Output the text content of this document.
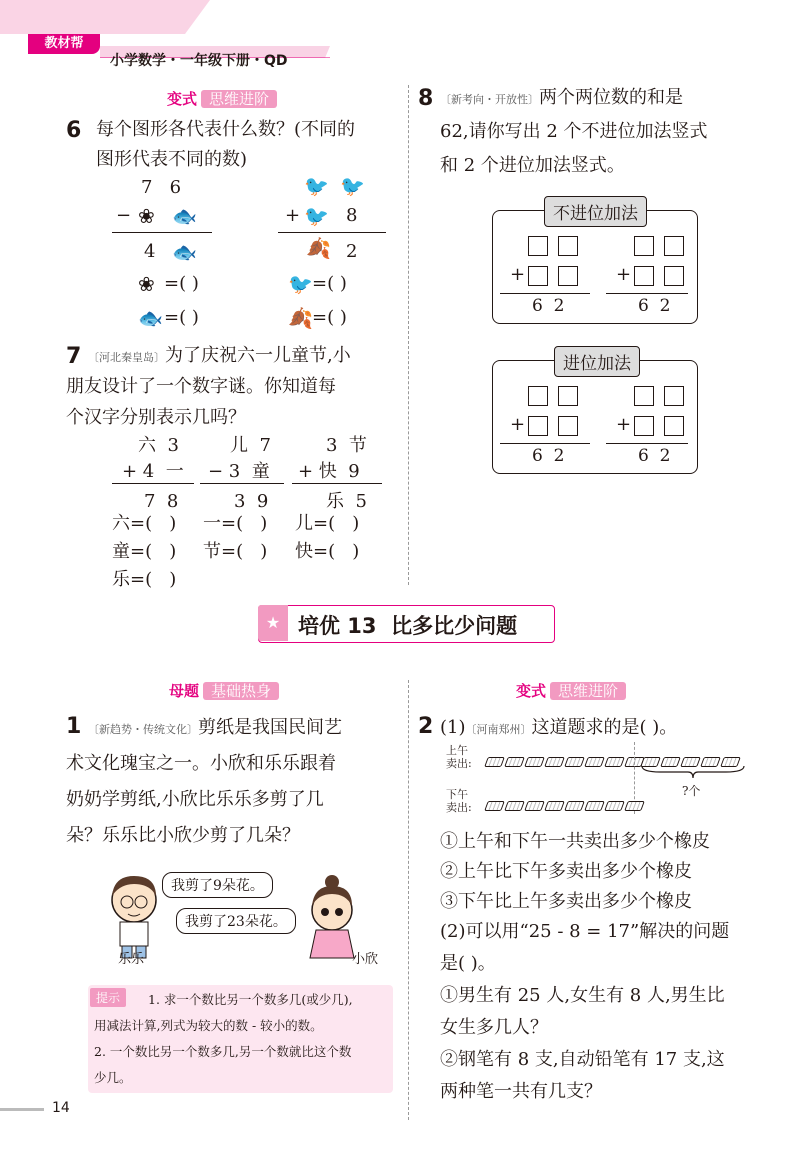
教材帮
小学数学・一年级下册・QD
变式 思维进阶
6 每个图形各代表什么数？(不同的
图形代表不同的数)
7   6
− ❀ 🐟
4 🐟
❀ =( )
🐟 =( )
🐦 🐦
+ 🐦 8
🍂 2
🐦 =( )
🍂 =( )
7 〔河北秦皇岛〕为了庆祝六一儿童节,小
朋友设计了一个数字谜。你知道每
个汉字分别表示几吗？
六  3
+ 4  一
7  8
儿  7
− 3  童
3  9
3  节
+ 快  9
乐  5
六=(   ) 一=(   ) 儿=(   )
童=(   ) 节=(   ) 快=(   )
乐=(   )
8 〔新考向・开放性〕两个两位数的和是
62,请你写出 2 个不进位加法竖式
和 2 个进位加法竖式。
不进位加法
+
6  2
+
6  2
进位加法
+
6  2
+
6  2
★ 培优 13  比多比少问题
母题 基础热身
1 〔新趋势・传统文化〕剪纸是我国民间艺
术文化瑰宝之一。小欣和乐乐跟着
奶奶学剪纸,小欣比乐乐多剪了几
朵？乐乐比小欣少剪了几朵？
我剪了9朵花。
我剪了23朵花。
乐乐	小欣
提示	1. 求一个数比另一个数多几(或少几),
用减法计算,列式为较大的数 - 较小的数。
2. 一个数比另一个数多几,另一个数就比这个数
少几。
变式 思维进阶
2 (1)〔河南郑州〕这道题求的是( )。
上午
卖出:
?个
下午
卖出:
①上午和下午一共卖出多少个橡皮
②上午比下午多卖出多少个橡皮
③下午比上午多卖出多少个橡皮
(2)可以用“25 - 8 = 17”解决的问题
是( )。
①男生有 25 人,女生有 8 人,男生比
女生多几人？
②钢笔有 8 支,自动铅笔有 17 支,这
两种笔一共有几支？
14
